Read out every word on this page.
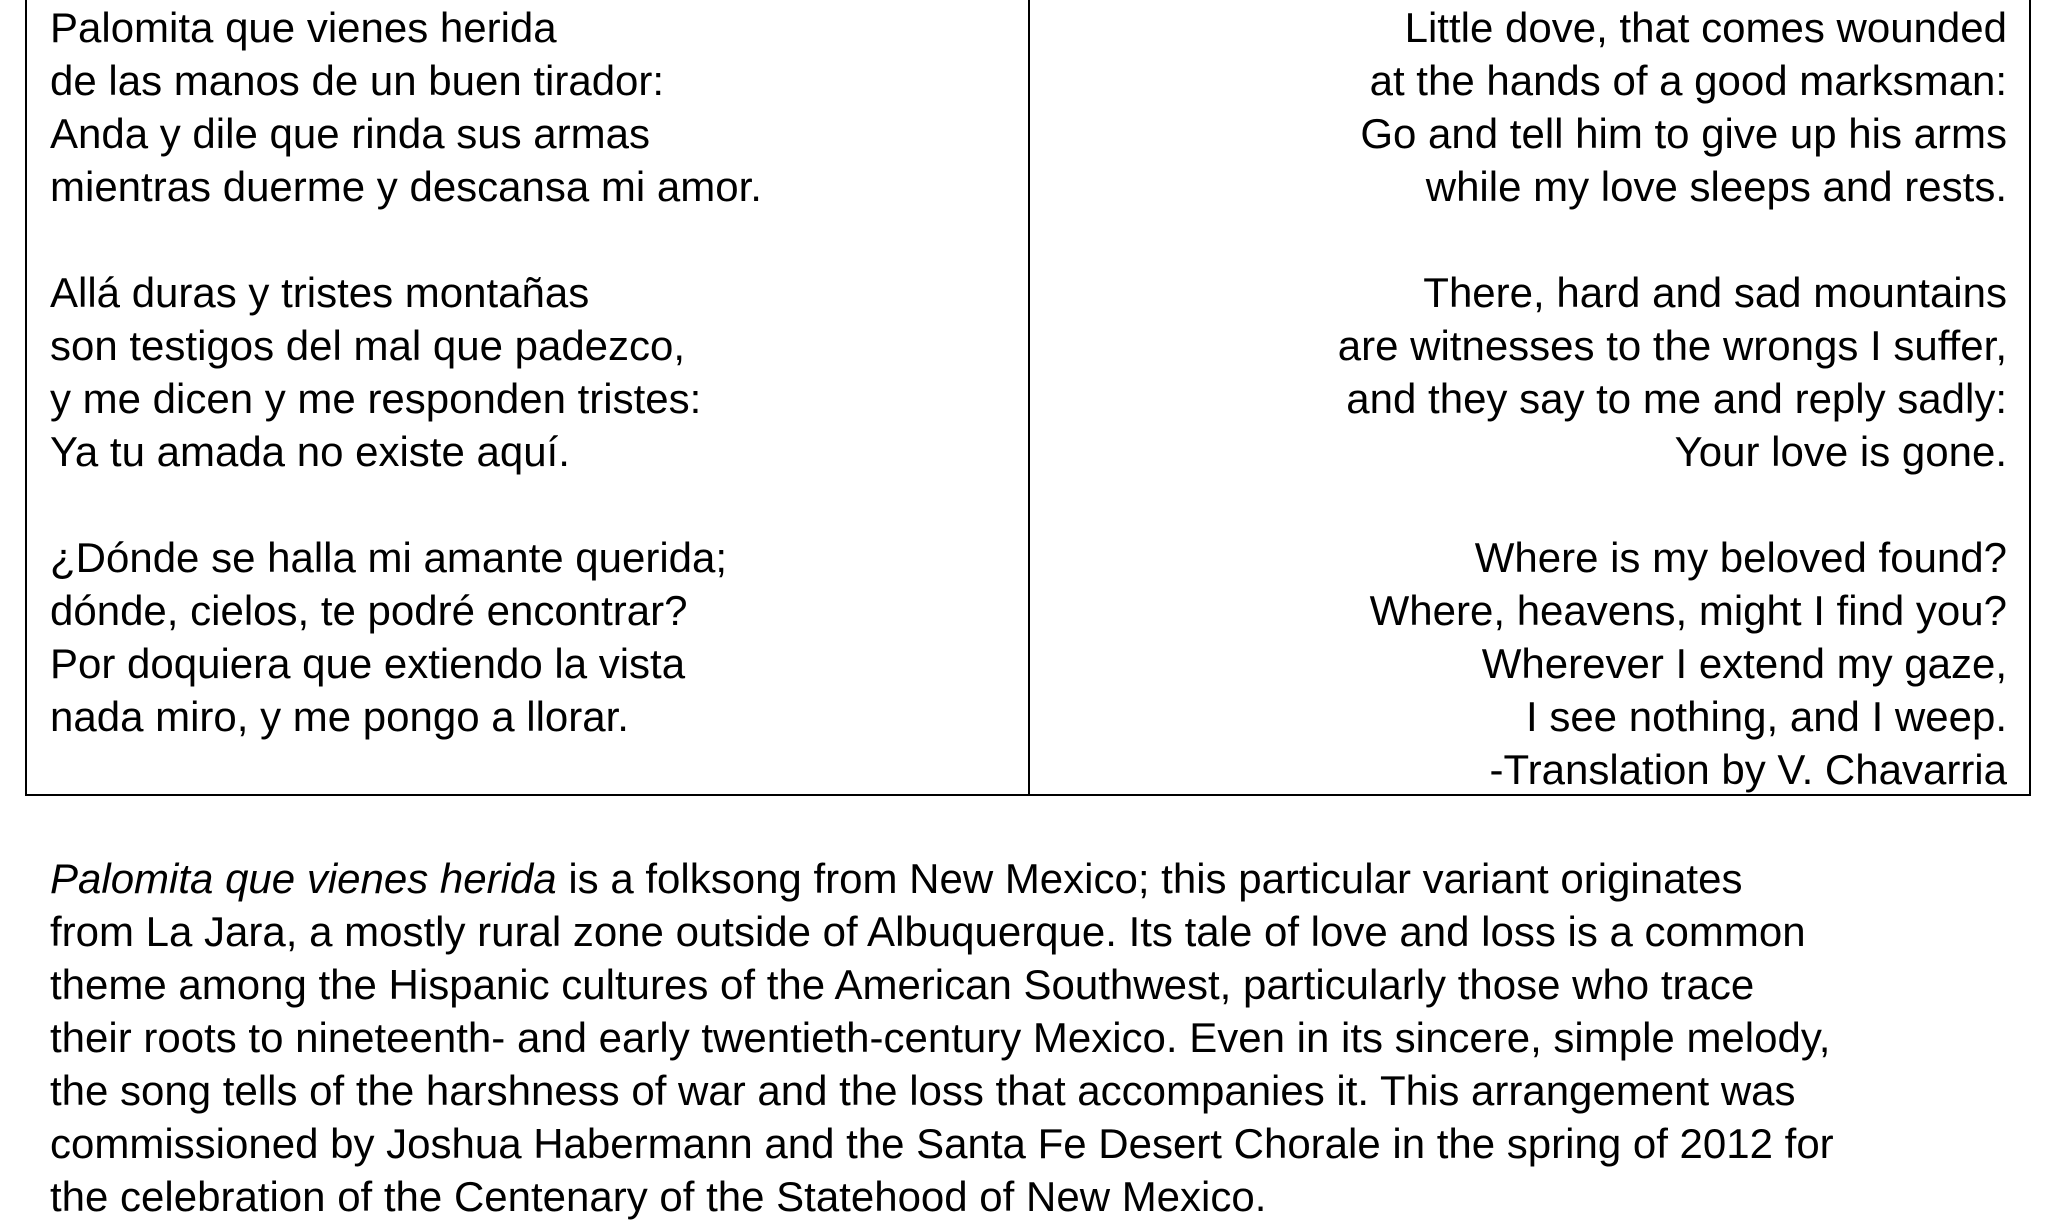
Palomita que vienes herida
de las manos de un buen tirador:
Anda y dile que rinda sus armas
mientras duerme y descansa mi amor.
Allá duras y tristes montañas
son testigos del mal que padezco,
y me dicen y me responden tristes:
Ya tu amada no existe aquí.
¿Dónde se halla mi amante querida;
dónde, cielos, te podré encontrar?
Por doquiera que extiendo la vista
nada miro, y me pongo a llorar.
Little dove, that comes wounded
at the hands of a good marksman:
Go and tell him to give up his arms
while my love sleeps and rests.
There, hard and sad mountains
are witnesses to the wrongs I suffer,
and they say to me and reply sadly:
Your love is gone.
Where is my beloved found?
Where, heavens, might I find you?
Wherever I extend my gaze,
I see nothing, and I weep.
-Translation by V. Chavarria
Palomita que vienes herida is a folksong from New Mexico; this particular variant originates
from La Jara, a mostly rural zone outside of Albuquerque. Its tale of love and loss is a common
theme among the Hispanic cultures of the American Southwest, particularly those who trace
their roots to nineteenth- and early twentieth-century Mexico. Even in its sincere, simple melody,
the song tells of the harshness of war and the loss that accompanies it. This arrangement was
commissioned by Joshua Habermann and the Santa Fe Desert Chorale in the spring of 2012 for
the celebration of the Centenary of the Statehood of New Mexico.
